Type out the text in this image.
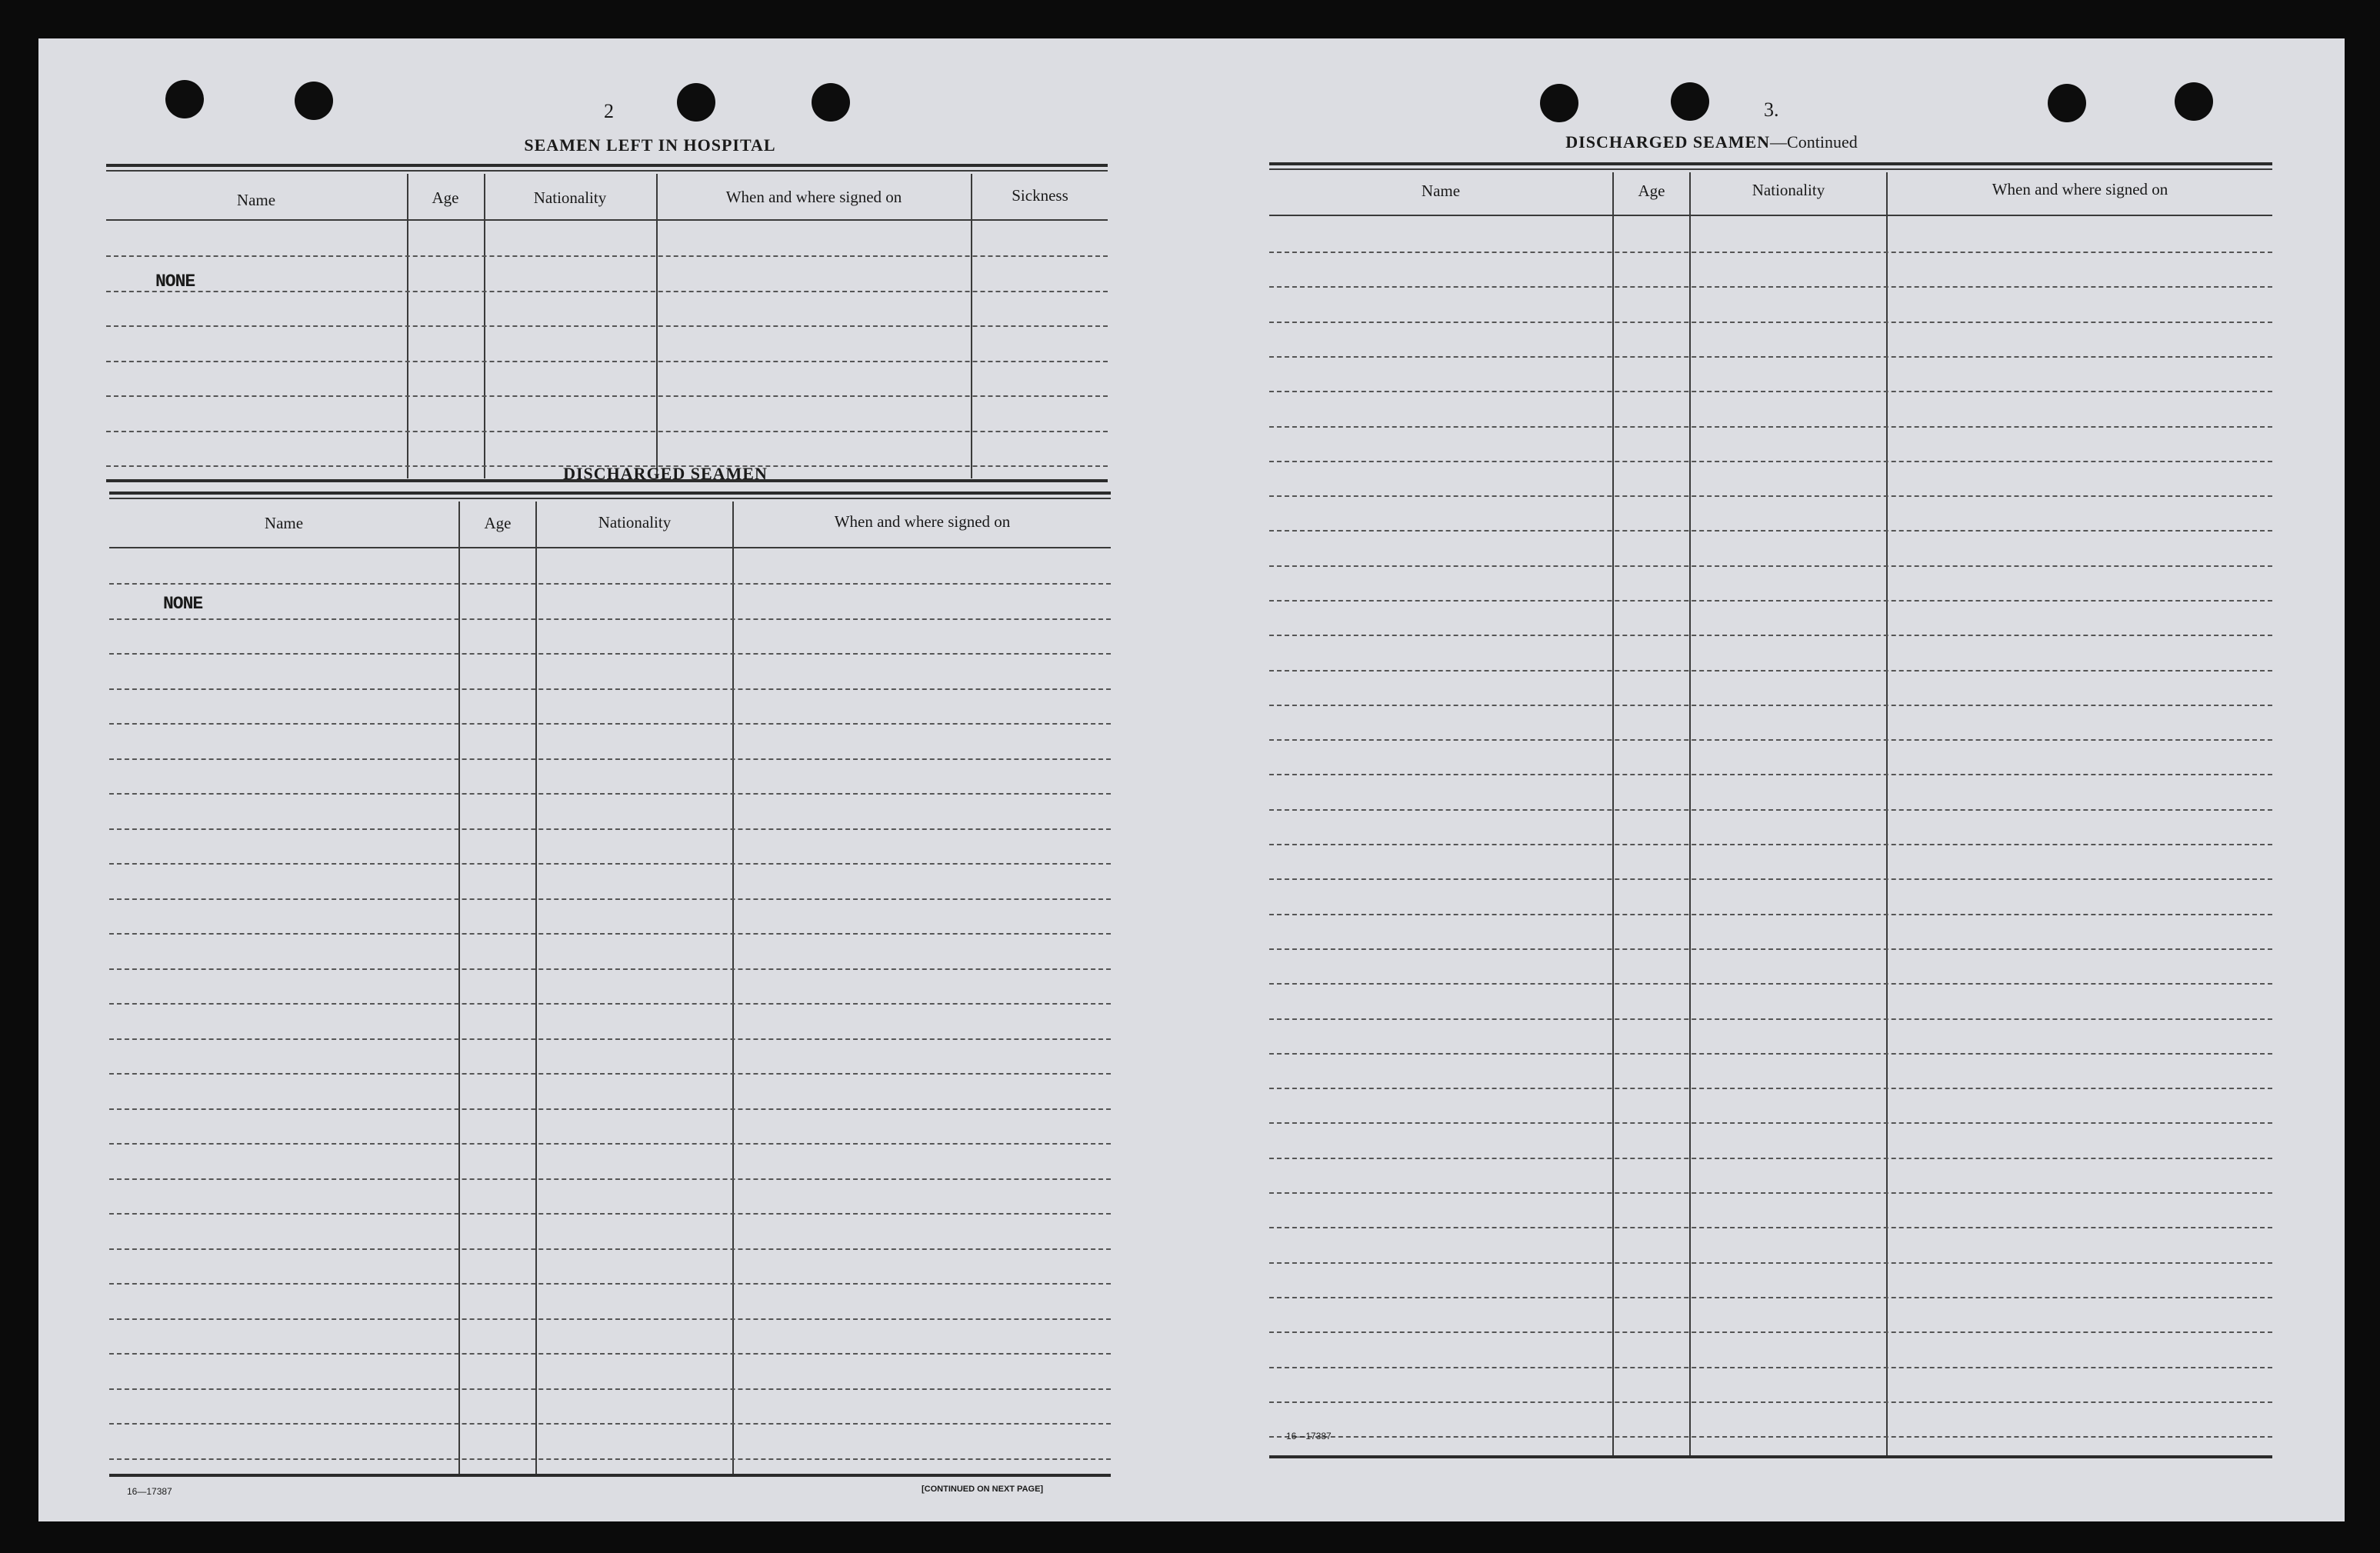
2
SEAMEN LEFT IN HOSPITAL
Name	Age	Nationality	When and where signed on	Sickness
NONE
DISCHARGED SEAMEN
Name	Age	Nationality	When and where signed on
NONE
16—17387	[CONTINUED ON NEXT PAGE]
3.
DISCHARGED SEAMEN—Continued
Name	Age	Nationality	When and where signed on
16—17387
